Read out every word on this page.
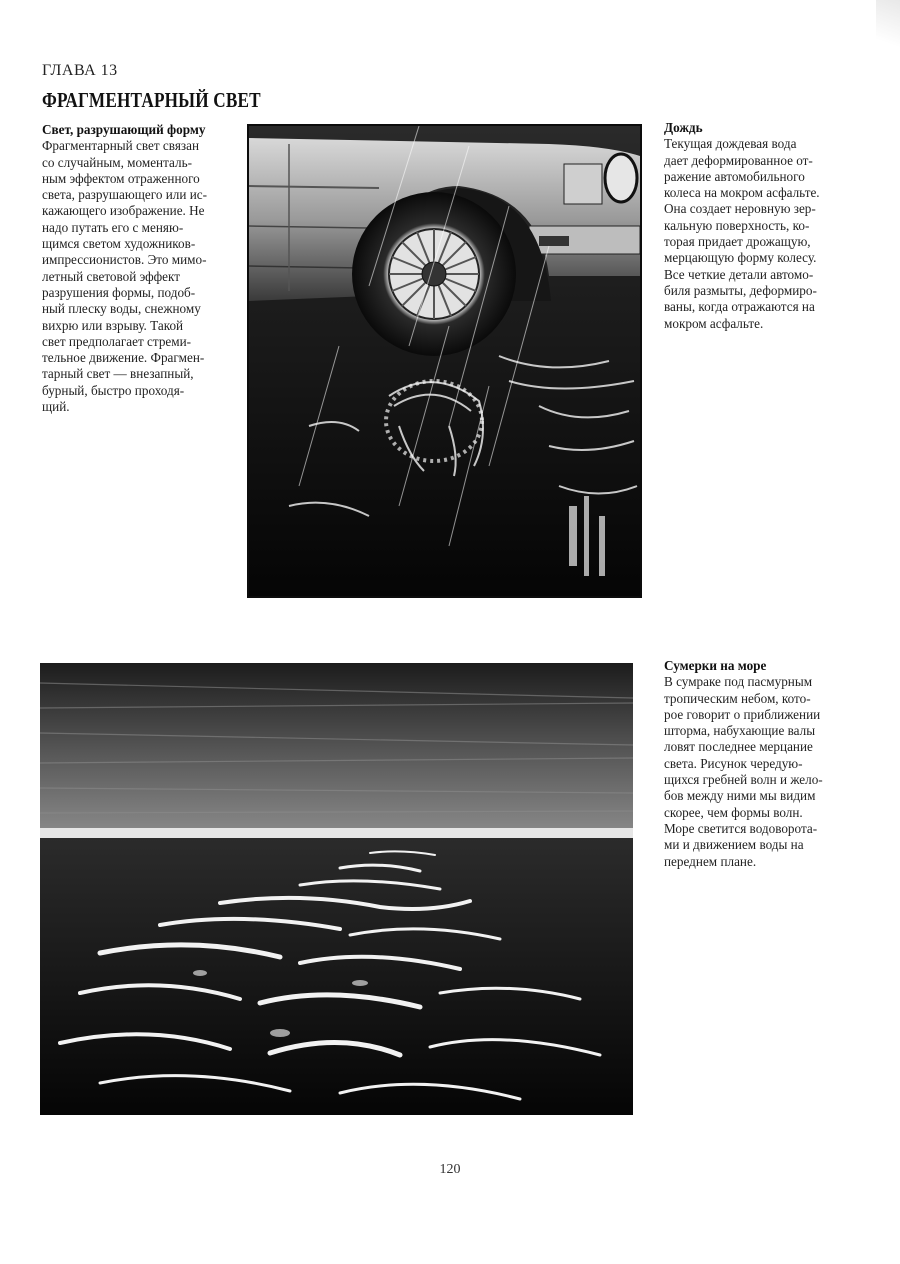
ГЛАВА 13
ФРАГМЕНТАРНЫЙ СВЕТ
Свет, разрушающий форму
Фрагментарный свет связан
со случайным, моменталь-
ным эффектом отраженного
света, разрушающего или ис-
кажающего изображение. Не
надо путать его с меняю-
щимся светом художников-
импрессионистов. Это мимо-
летный световой эффект
разрушения формы, подоб-
ный плеску воды, снежному
вихрю или взрыву. Такой
свет предполагает стреми-
тельное движение. Фрагмен-
тарный свет — внезапный,
бурный, быстро проходя-
щий.
Дождь
Текущая дождевая вода
дает деформированное от-
ражение автомобильного
колеса на мокром асфальте.
Она создает неровную зер-
кальную поверхность, ко-
торая придает дрожащую,
мерцающую форму колесу.
Все четкие детали автомо-
биля размыты, деформиро-
ваны, когда отражаются на
мокром асфальте.
Сумерки на море
В сумраке под пасмурным
тропическим небом, кото-
рое говорит о приближении
шторма, набухающие валы
ловят последнее мерцание
света. Рисунок чередую-
щихся гребней волн и жело-
бов между ними мы видим
скорее, чем формы волн.
Море светится водоворота-
ми и движением воды на
переднем плане.
120
